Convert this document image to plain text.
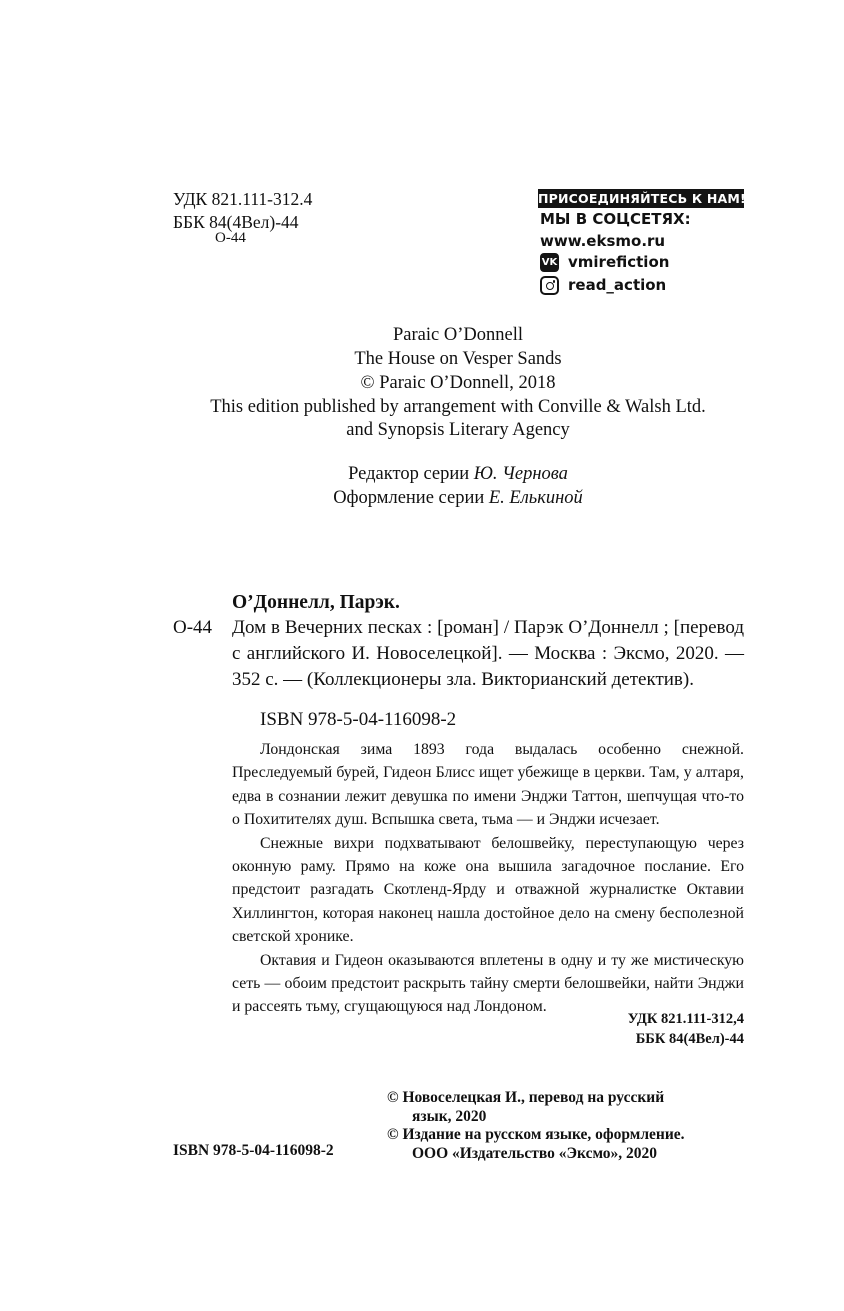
УДК 821.111-312.4
ББК 84(4Вел)-44
О-44
ПРИСОЕДИНЯЙТЕСЬ К НАМ!
МЫ В СОЦСЕТЯХ:
www.eksmo.ru
VK vmirefiction
read_action
Paraic O’Donnell
The House on Vesper Sands
© Paraic O’Donnell, 2018
This edition published by arrangement with Conville & Walsh Ltd.
and Synopsis Literary Agency
Редактор серии Ю. Чернова
Оформление серии Е. Елькиной
О’Доннелл, Парэк.
О-44 Дом в Вечерних песках : [роман] / Парэк О’Доннелл ; [перевод с английского И. Новоселецкой]. — Москва : Эксмо, 2020. — 352 с. — (Коллекционеры зла. Викторианский детектив).
ISBN 978-5-04-116098-2

Лондонская зима 1893 года выдалась особенно снежной. Преследуемый бурей, Гидеон Блисс ищет убежище в церкви. Там, у алтаря, едва в сознании лежит девушка по имени Энджи Таттон, шепчущая что-то о Похитителях душ. Вспышка света, тьма — и Энджи исчезает.

Снежные вихри подхватывают белошвейку, переступающую через оконную раму. Прямо на коже она вышила загадочное послание. Его предстоит разгадать Скотленд-Ярду и отважной журналистке Октавии Хиллингтон, которая наконец нашла достойное дело на смену бесполезной светской хронике.

Октавия и Гидеон оказываются вплетены в одну и ту же мистическую сеть — обоим предстоит раскрыть тайну смерти белошвейки, найти Энджи и рассеять тьму, сгущающуюся над Лондоном.

УДК 821.111-312,4
ББК 84(4Вел)-44
© Новоселецкая И., перевод на русский
язык, 2020
© Издание на русском языке, оформление.
ООО «Издательство «Эксмо», 2020
ISBN 978-5-04-116098-2
